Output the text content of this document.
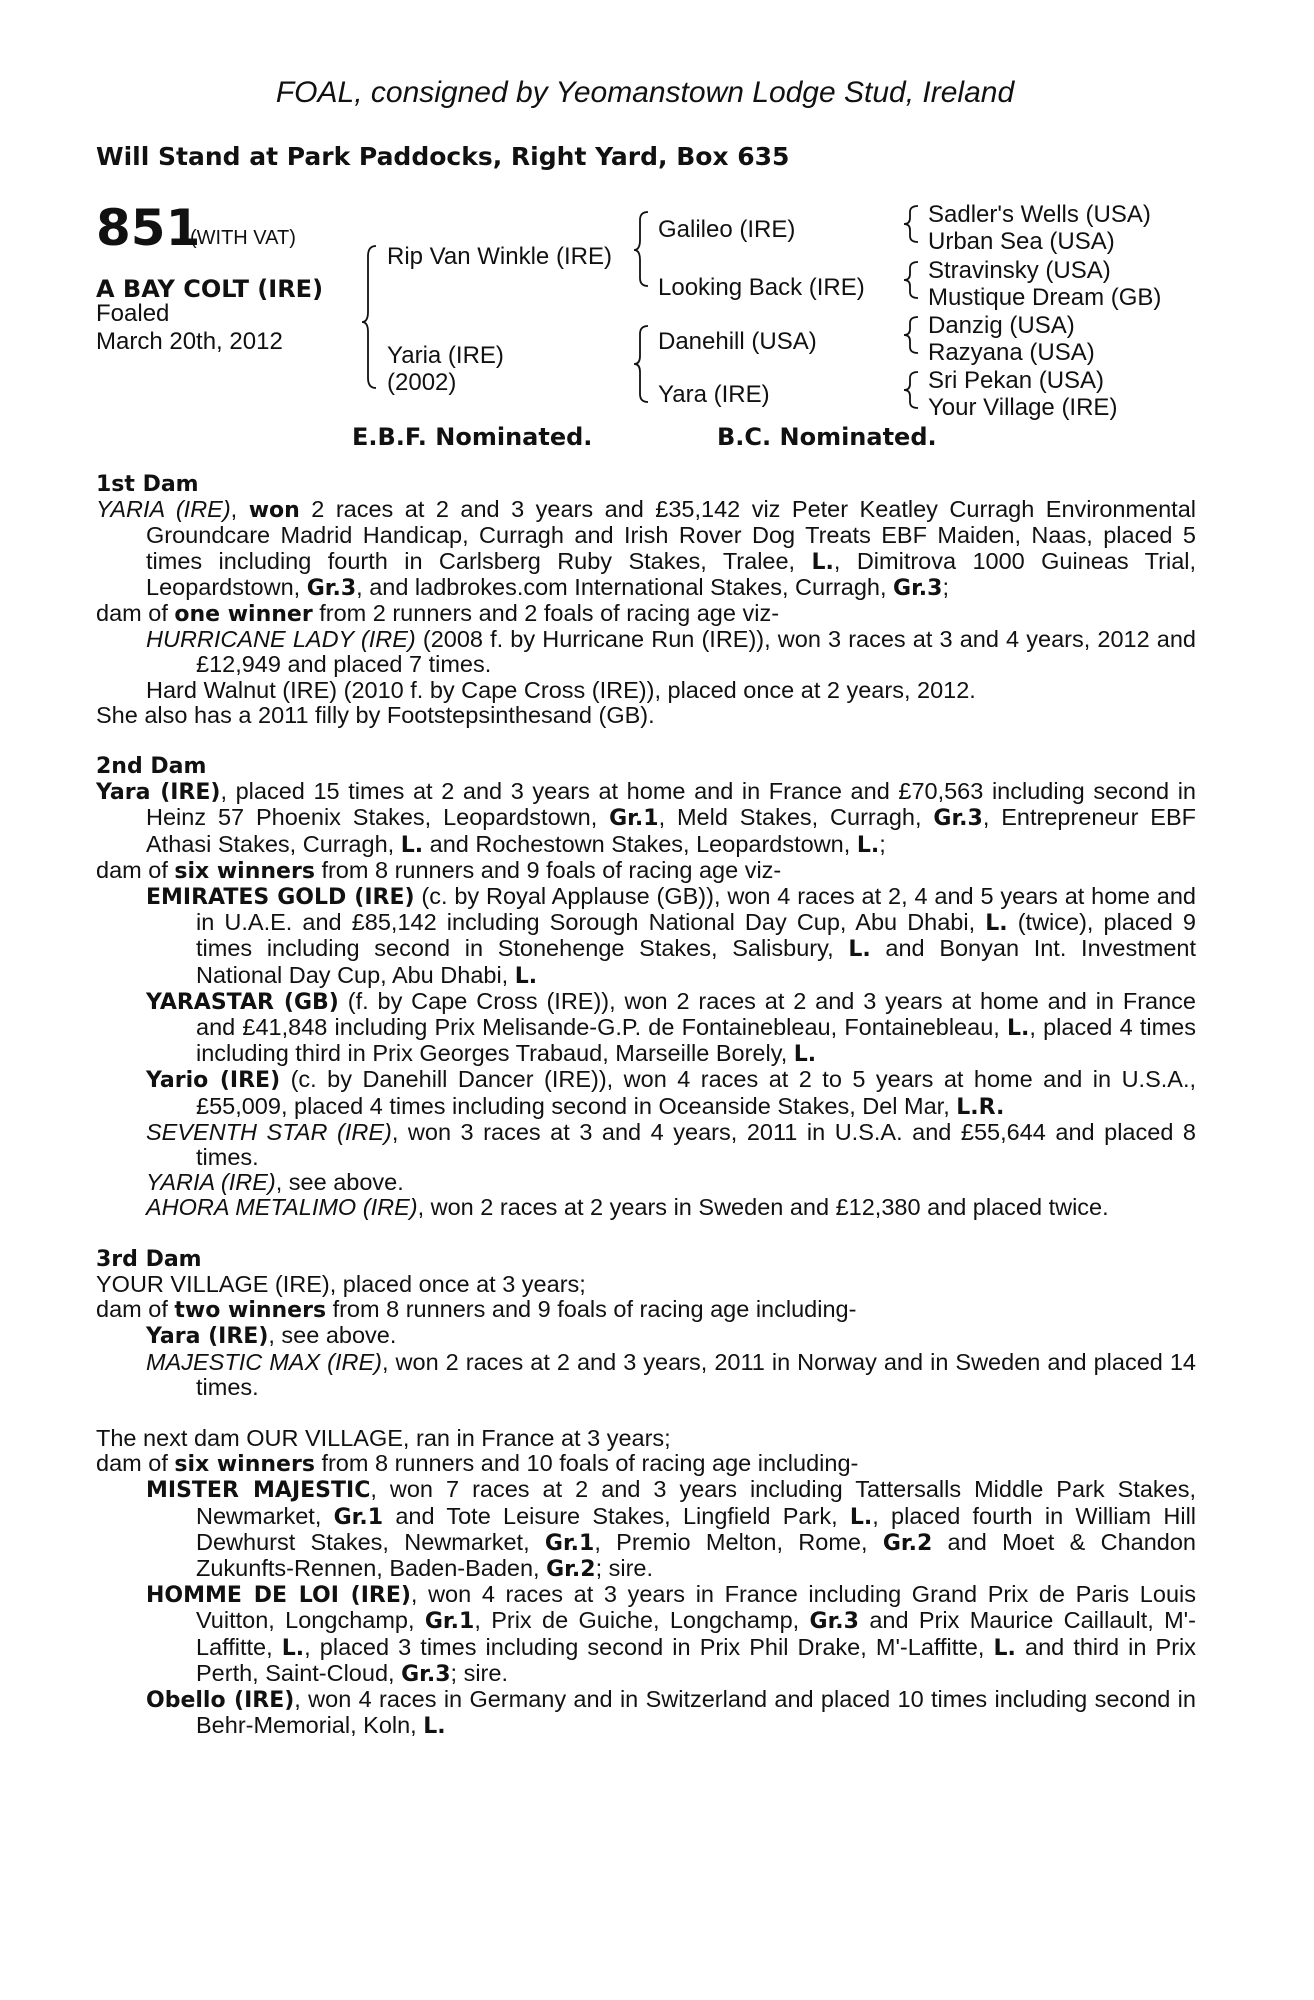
FOAL, consigned by Yeomanstown Lodge Stud, Ireland
Will Stand at Park Paddocks, Right Yard, Box 635
851
(WITH VAT)
A BAY COLT (IRE)
Foaled
March 20th, 2012
Rip Van Winkle (IRE)
Yaria (IRE)
(2002)
Galileo (IRE)
Looking Back (IRE)
Danehill (USA)
Yara (IRE)
Sadler's Wells (USA)
Urban Sea (USA)
Stravinsky (USA)
Mustique Dream (GB)
Danzig (USA)
Razyana (USA)
Sri Pekan (USA)
Your Village (IRE)
E.B.F. Nominated.	B.C. Nominated.

1st Dam

YARIA (IRE), won 2 races at 2 and 3 years and £35,142 viz Peter Keatley Curragh Environmental Groundcare Madrid Handicap, Curragh and Irish Rover Dog Treats EBF Maiden, Naas, placed 5 times including fourth in Carlsberg Ruby Stakes, Tralee, L., Dimitrova 1000 Guineas Trial, Leopardstown, Gr.3, and ladbrokes.com International Stakes, Curragh, Gr.3;

dam of one winner from 2 runners and 2 foals of racing age viz-

HURRICANE LADY (IRE) (2008 f. by Hurricane Run (IRE)), won 3 races at 3 and 4 years, 2012 and £12,949 and placed 7 times.

Hard Walnut (IRE) (2010 f. by Cape Cross (IRE)), placed once at 2 years, 2012.

She also has a 2011 filly by Footstepsinthesand (GB).

2nd Dam

Yara (IRE), placed 15 times at 2 and 3 years at home and in France and £70,563 including second in Heinz 57 Phoenix Stakes, Leopardstown, Gr.1, Meld Stakes, Curragh, Gr.3, Entrepreneur EBF Athasi Stakes, Curragh, L. and Rochestown Stakes, Leopardstown, L.;

dam of six winners from 8 runners and 9 foals of racing age viz-

EMIRATES GOLD (IRE) (c. by Royal Applause (GB)), won 4 races at 2, 4 and 5 years at home and in U.A.E. and £85,142 including Sorough National Day Cup, Abu Dhabi, L. (twice), placed 9 times including second in Stonehenge Stakes, Salisbury, L. and Bonyan Int. Investment National Day Cup, Abu Dhabi, L.

YARASTAR (GB) (f. by Cape Cross (IRE)), won 2 races at 2 and 3 years at home and in France and £41,848 including Prix Melisande-G.P. de Fontainebleau, Fontainebleau, L., placed 4 times including third in Prix Georges Trabaud, Marseille Borely, L.

Yario (IRE) (c. by Danehill Dancer (IRE)), won 4 races at 2 to 5 years at home and in U.S.A., £55,009, placed 4 times including second in Oceanside Stakes, Del Mar, L.R.

SEVENTH STAR (IRE), won 3 races at 3 and 4 years, 2011 in U.S.A. and £55,644 and placed 8 times.

YARIA (IRE), see above.

AHORA METALIMO (IRE), won 2 races at 2 years in Sweden and £12,380 and placed twice.

3rd Dam

YOUR VILLAGE (IRE), placed once at 3 years;

dam of two winners from 8 runners and 9 foals of racing age including-

Yara (IRE), see above.

MAJESTIC MAX (IRE), won 2 races at 2 and 3 years, 2011 in Norway and in Sweden and placed 14 times.

The next dam OUR VILLAGE, ran in France at 3 years;

dam of six winners from 8 runners and 10 foals of racing age including-

MISTER MAJESTIC, won 7 races at 2 and 3 years including Tattersalls Middle Park Stakes, Newmarket, Gr.1 and Tote Leisure Stakes, Lingfield Park, L., placed fourth in William Hill Dewhurst Stakes, Newmarket, Gr.1, Premio Melton, Rome, Gr.2 and Moet & Chandon Zukunfts-Rennen, Baden-Baden, Gr.2; sire.

HOMME DE LOI (IRE), won 4 races at 3 years in France including Grand Prix de Paris Louis Vuitton, Longchamp, Gr.1, Prix de Guiche, Longchamp, Gr.3 and Prix Maurice Caillault, M'-Laffitte, L., placed 3 times including second in Prix Phil Drake, M'-Laffitte, L. and third in Prix Perth, Saint-Cloud, Gr.3; sire.

Obello (IRE), won 4 races in Germany and in Switzerland and placed 10 times including second in Behr-Memorial, Koln, L.
